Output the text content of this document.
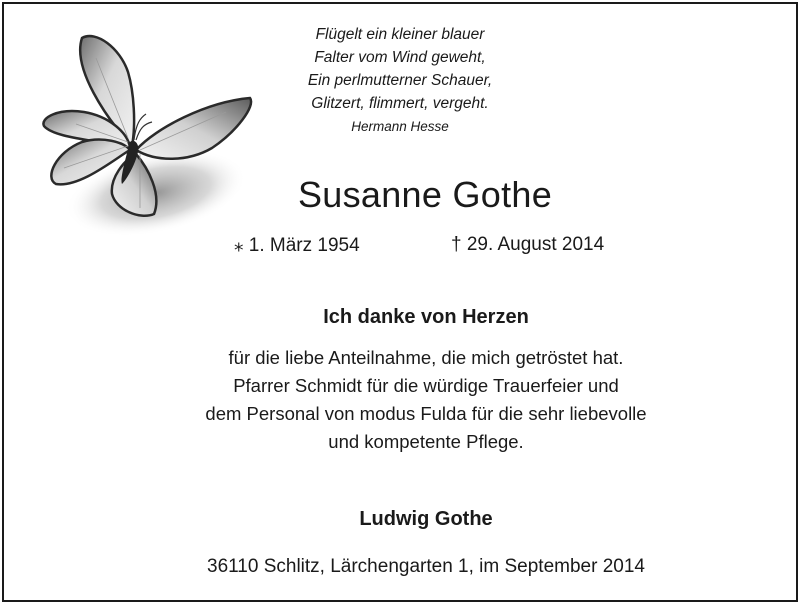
Flügelt ein kleiner blauer
Falter vom Wind geweht,
Ein perlmutterner Schauer,
Glitzert, flimmert, vergeht.
Hermann Hesse
Susanne Gothe
⁎ 1. März 1954	† 29. August 2014
Ich danke von Herzen
für die liebe Anteilnahme, die mich getröstet hat.
Pfarrer Schmidt für die würdige Trauerfeier und
dem Personal von modus Fulda für die sehr liebevolle
und kompetente Pflege.
Ludwig Gothe
36110 Schlitz, Lärchengarten 1, im September 2014
